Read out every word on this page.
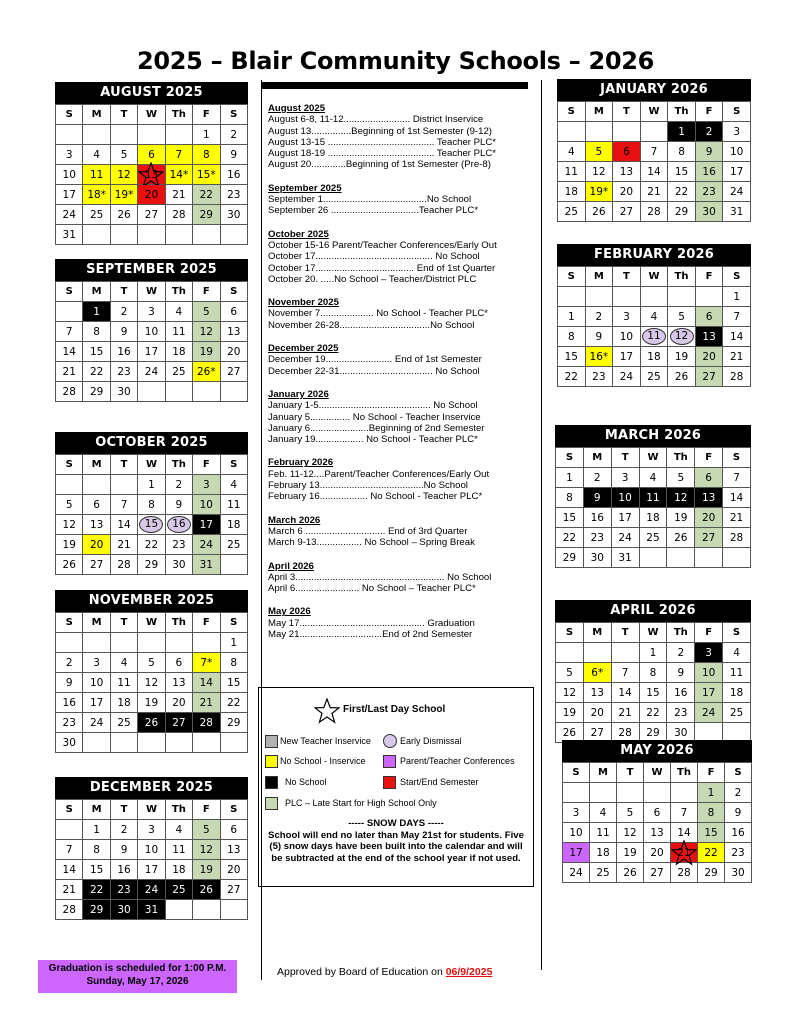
2025 – Blair Community Schools – 2026
AUGUST 2025
S	M	T	W	Th	F	S
					1	2
3	4	5	6	7	8	9
10	11	12	13	14*	15*	16
17	18*	19*	20	21	22	23
24	25	26	27	28	29	30
31						
SEPTEMBER 2025
S	M	T	W	Th	F	S
	1	2	3	4	5	6
7	8	9	10	11	12	13
14	15	16	17	18	19	20
21	22	23	24	25	26*	27
28	29	30				
OCTOBER 2025
S	M	T	W	Th	F	S
			1	2	3	4
5	6	7	8	9	10	11
12	13	14	15	16	17	18
19	20	21	22	23	24	25
26	27	28	29	30	31	
NOVEMBER 2025
S	M	T	W	Th	F	S
						1
2	3	4	5	6	7*	8
9	10	11	12	13	14	15
16	17	18	19	20	21	22
23	24	25	26	27	28	29
30						
DECEMBER 2025
S	M	T	W	Th	F	S
	1	2	3	4	5	6
7	8	9	10	11	12	13
14	15	16	17	18	19	20
21	22	23	24	25	26	27
28	29	30	31			
JANUARY 2026
S	M	T	W	Th	F	S
				1	2	3
4	5	6	7	8	9	10
11	12	13	14	15	16	17
18	19*	20	21	22	23	24
25	26	27	28	29	30	31
FEBRUARY 2026
S	M	T	W	Th	F	S
						1
1	2	3	4	5	6	7
8	9	10	11	12	13	14
15	16*	17	18	19	20	21
22	23	24	25	26	27	28
MARCH 2026
S	M	T	W	Th	F	S
1	2	3	4	5	6	7
8	9	10	11	12	13	14
15	16	17	18	19	20	21
22	23	24	25	26	27	28
29	30	31				
APRIL 2026
S	M	T	W	Th	F	S
			1	2	3	4
5	6*	7	8	9	10	11
12	13	14	15	16	17	18
19	20	21	22	23	24	25
26	27	28	29	30		
MAY 2026
S	M	T	W	Th	F	S
					1	2
3	4	5	6	7	8	9
10	11	12	13	14	15	16
17	18	19	20	21	22	23
24	25	26	27	28	29	30
August 2025
August 6-8, 11-12......................... District Inservice
August 13...............Beginning of 1st Semester (9-12)
August 13-15 ........................................ Teacher PLC*
August 18-19 ........................................ Teacher PLC*
August 20.............Beginning of 1st Semester (Pre-8)
September 2025
September 1.......................................No School
September 26 .................................Teacher PLC*
October 2025
October 15-16 Parent/Teacher Conferences/Early Out
October 17............................................ No School
October 17..................................... End of 1st Quarter
October 20. .....No School – Teacher/District PLC
November 2025
November 7.................... No School - Teacher PLC*
November 26-28..................................No School
December 2025
December 19......................... End of 1st Semester
December 22-31................................... No School
January 2026
January 1-5.......................................... No School
January 5............... No School - Teacher Inservice
January 6......................Beginning of 2nd Semester
January 19.................. No School - Teacher PLC*
February 2026
Feb. 11-12....Parent/Teacher Conferences/Early Out
February 13.......................................No School
February 16.................. No School - Teacher PLC*
March 2026
March 6 .............................. End of 3rd Quarter
March 9-13................. No School – Spring Break
April 2026
April 3........................................................ No School
April 6........................ No School – Teacher PLC*
May 2026
May 17............................................... Graduation
May 21...............................End of 2nd Semester
First/Last Day School
New Teacher Inservice	Early Dismissal
No School - Inservice	Parent/Teacher Conferences
No School	Start/End Semester
PLC – Late Start for High School Only
----- SNOW DAYS -----
School will end no later than May 21st for students. Five (5) snow days have been built into the calendar and will be subtracted at the end of the school year if not used.
Graduation is scheduled for 1:00 P.M.
Sunday, May 17, 2026
Approved by Board of Education on 06/9/2025
